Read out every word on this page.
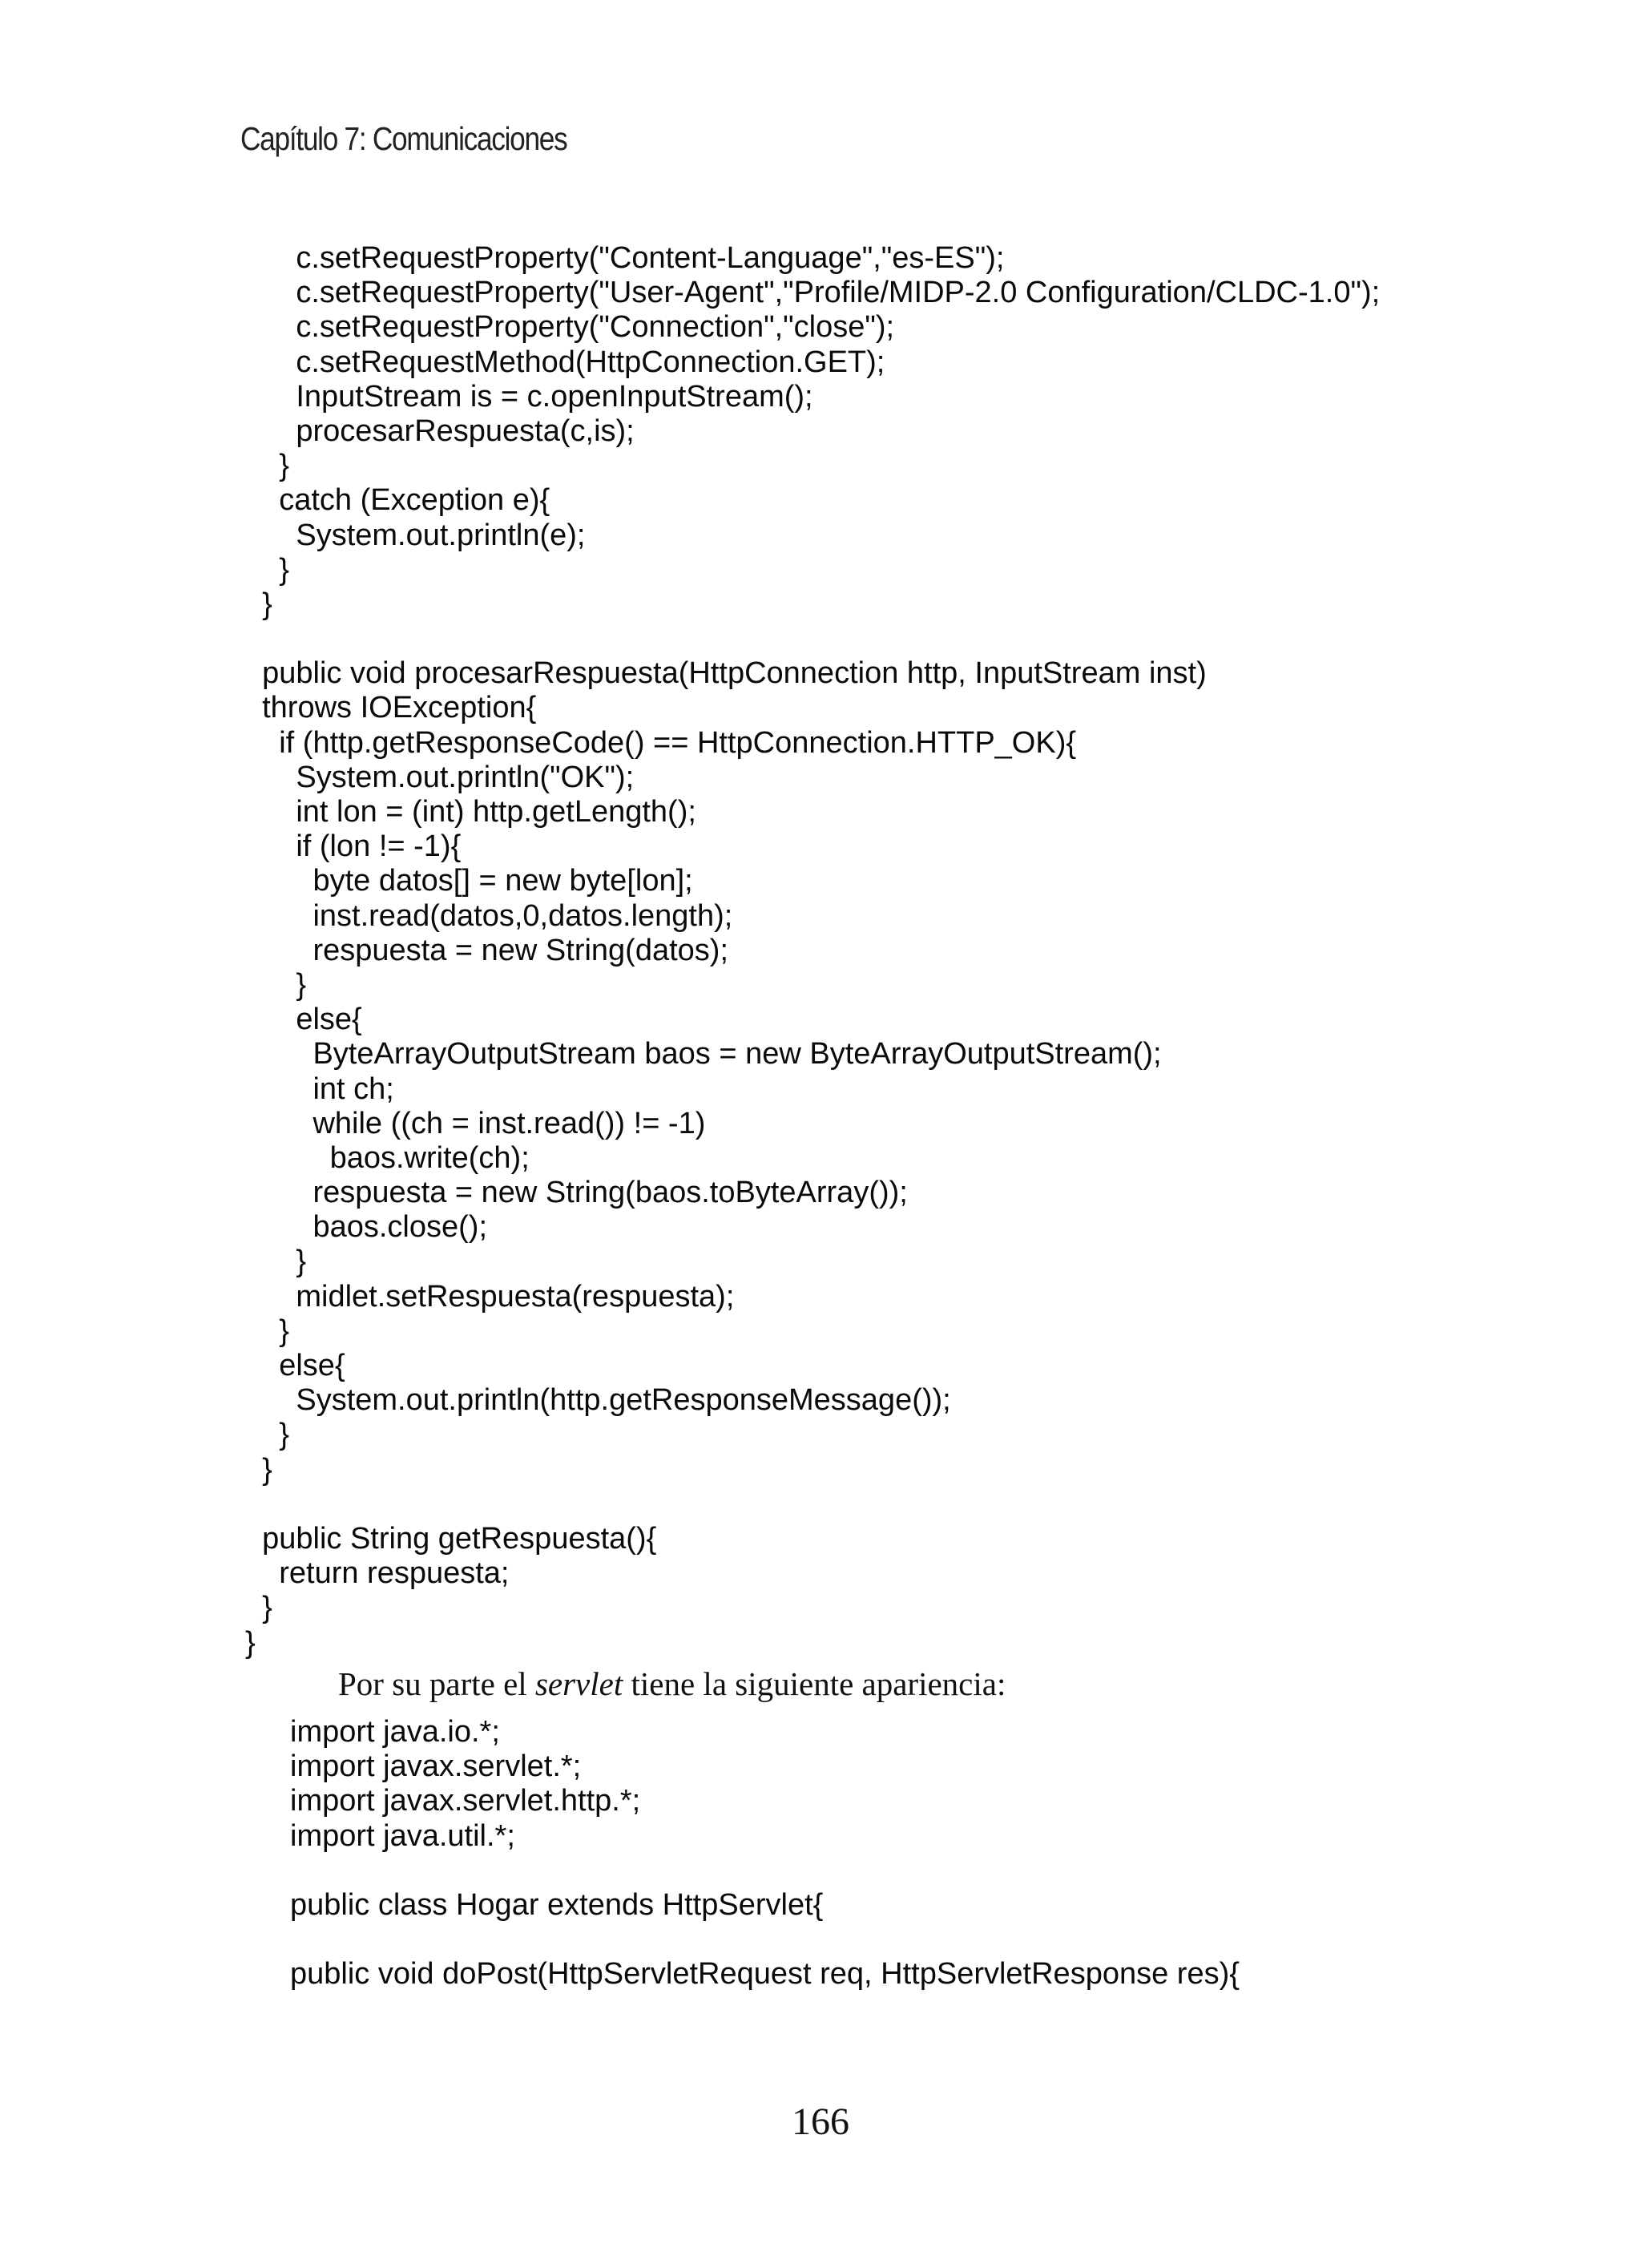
Capítulo 7: Comunicaciones
c.setRequestProperty("Content-Language","es-ES");
c.setRequestProperty("User-Agent","Profile/MIDP-2.0 Configuration/CLDC-1.0");
c.setRequestProperty("Connection","close");
c.setRequestMethod(HttpConnection.GET);
InputStream is = c.openInputStream();
procesarRespuesta(c,is);
}
catch (Exception e){
System.out.println(e);
}
}
public void procesarRespuesta(HttpConnection http, InputStream inst)
throws IOException{
if (http.getResponseCode() == HttpConnection.HTTP_OK){
System.out.println("OK");
int lon = (int) http.getLength();
if (lon != -1){
byte datos[] = new byte[lon];
inst.read(datos,0,datos.length);
respuesta = new String(datos);
}
else{
ByteArrayOutputStream baos = new ByteArrayOutputStream();
int ch;
while ((ch = inst.read()) != -1)
baos.write(ch);
respuesta = new String(baos.toByteArray());
baos.close();
}
midlet.setRespuesta(respuesta);
}
else{
System.out.println(http.getResponseMessage());
}
}
public String getRespuesta(){
return respuesta;
}
}
Por su parte el servlet tiene la siguiente apariencia:
import java.io.*;
import javax.servlet.*;
import javax.servlet.http.*;
import java.util.*;
public class Hogar extends HttpServlet{
public void doPost(HttpServletRequest req, HttpServletResponse res){
166
